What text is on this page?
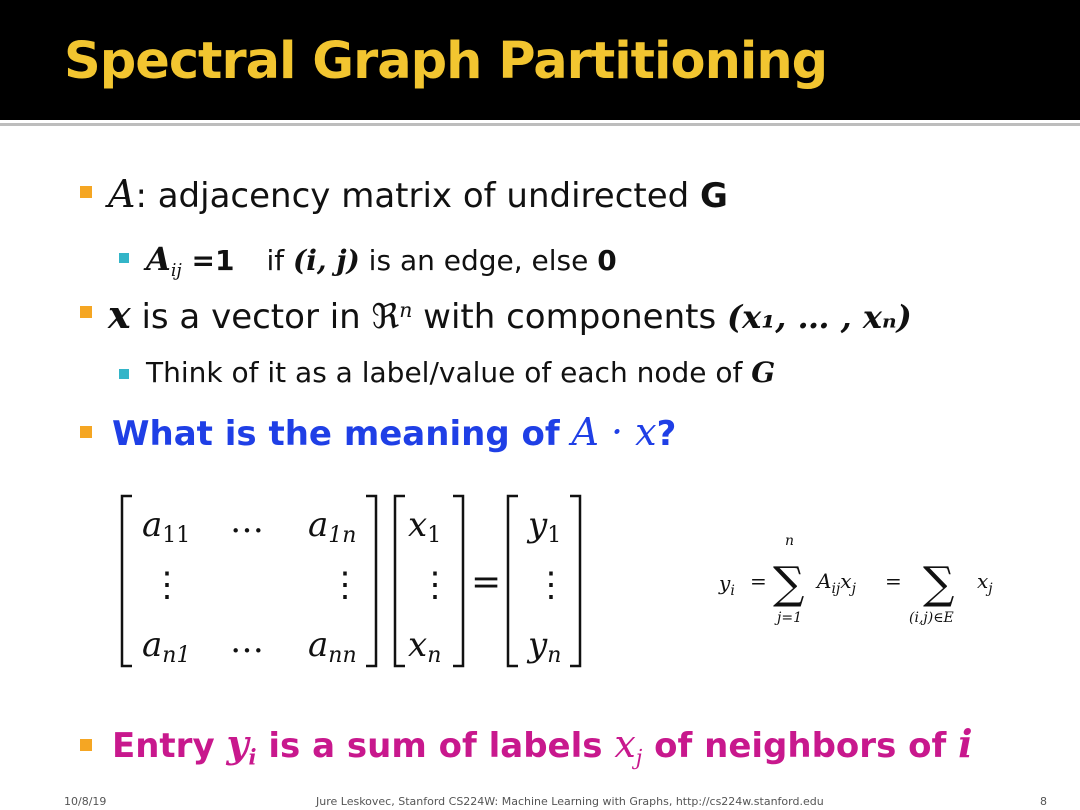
Spectral Graph Partitioning
A: adjacency matrix of undirected G
$A_{ij} =1$ if (i, j) is an edge, else 0
x is a vector in ℜ$^n$ with components (x₁, … , xₙ)
Think of it as a label/value of each node of G
What is the meaning of A · x?
a11 … a1n
⋮	⋮
an1 … ann
x1
⋮
xn
=
y1
⋮
yn
$y_i$ =
n
∑
j=1
$A_{ij}x_j$ = ∑
(i,j)∈E
$x_j$
Entry $y_i$ is a sum of labels $x_j$ of neighbors of i
10/8/19	Jure Leskovec, Stanford CS224W: Machine Learning with Graphs, http://cs224w.stanford.edu	8
